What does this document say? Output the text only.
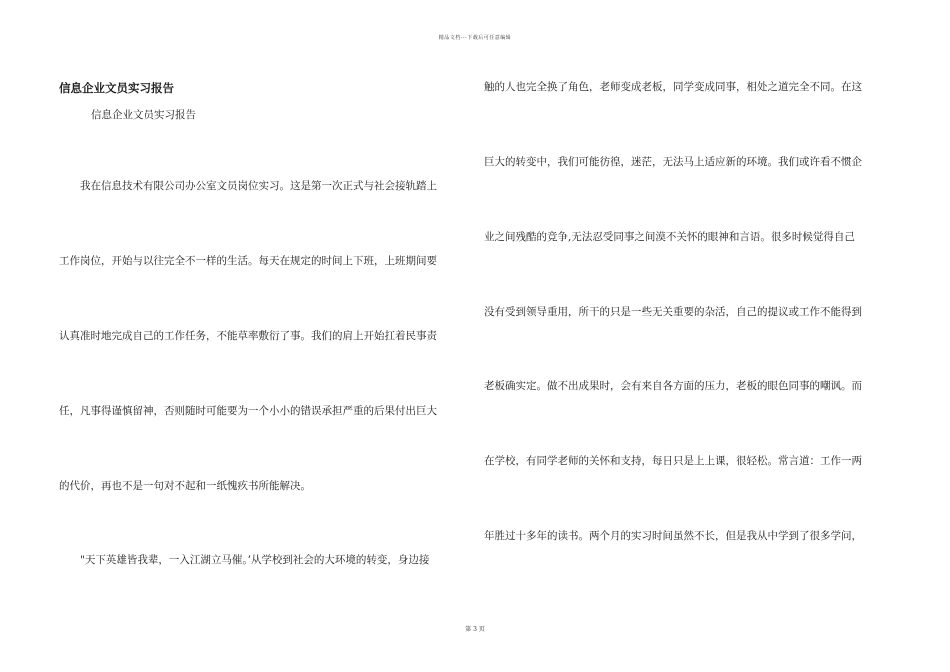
精品文档---下载后可任意编辑
信息企业文员实习报告
信息企业文员实习报告
我在信息技术有限公司办公室文员岗位实习。这是第一次正式与社会接轨踏上
工作岗位，开始与以往完全不一样的生活。每天在规定的时间上下班，上班期间要
认真准时地完成自己的工作任务，不能草率敷衍了事。我们的肩上开始扛着民事责
任，凡事得谨慎留神，否则随时可能要为一个小小的错误承担严重的后果付出巨大
的代价，再也不是一句对不起和一纸愧疚书所能解决。
"天下英雄皆我辈，一入江湖立马催。’从学校到社会的大环境的转变，身边接
触的人也完全换了角色，老师变成老板，同学变成同事，相处之道完全不同。在这
巨大的转变中，我们可能彷徨，迷茫，无法马上适应新的环境。我们或许看不惯企
业之间残酷的竞争,无法忍受同事之间漠不关怀的眼神和言语。很多时候觉得自己
没有受到领导重用，所干的只是一些无关重要的杂活，自己的提议或工作不能得到
老板确实定。做不出成果时，会有来自各方面的压力，老板的眼色同事的嘲讽。而
在学校，有同学老师的关怀和支持，每日只是上上课，很轻松。常言道：工作一两
年胜过十多年的读书。两个月的实习时间虽然不长，但是我从中学到了很多学问，
第 3 页
